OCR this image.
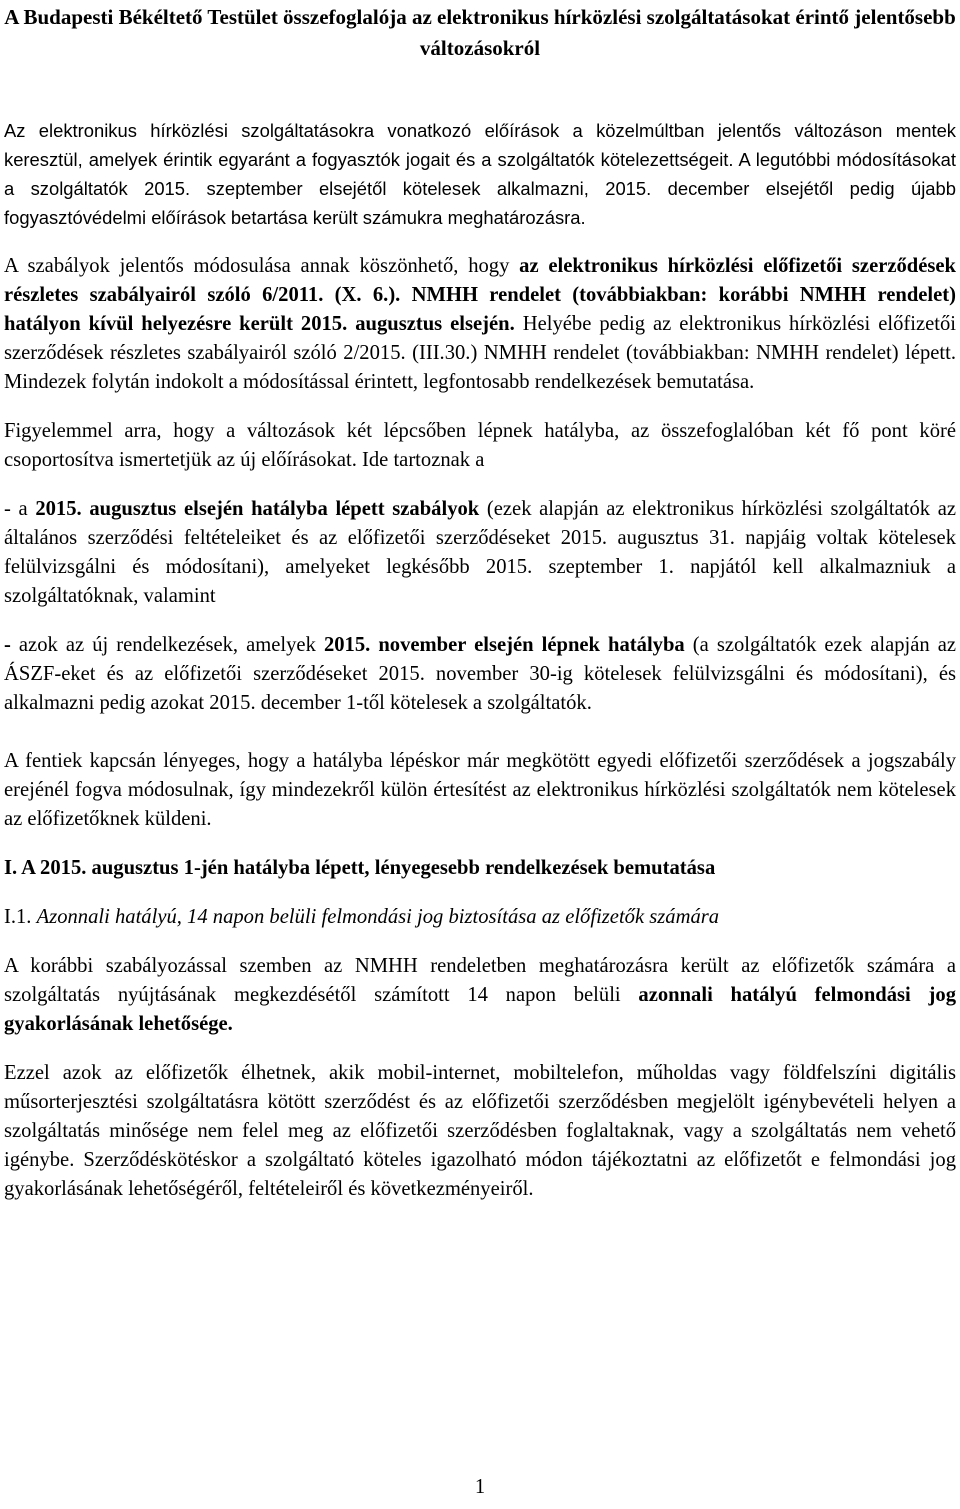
A Budapesti Békéltető Testület összefoglalója az elektronikus hírközlési szolgáltatásokat érintő jelentősebb változásokról

Az elektronikus hírközlési szolgáltatásokra vonatkozó előírások a közelmúltban jelentős változáson mentek keresztül, amelyek érintik egyaránt a fogyasztók jogait és a szolgáltatók kötelezettségeit. A legutóbbi módosításokat a szolgáltatók 2015. szeptember elsejétől kötelesek alkalmazni, 2015. december elsejétől pedig újabb fogyasztóvédelmi előírások betartása került számukra meghatározásra.

A szabályok jelentős módosulása annak köszönhető, hogy az elektronikus hírközlési előfizetői szerződések részletes szabályairól szóló 6/2011. (X. 6.). NMHH rendelet (továbbiakban: korábbi NMHH rendelet) hatályon kívül helyezésre került 2015. augusztus elsején. Helyébe pedig az elektronikus hírközlési előfizetői szerződések részletes szabályairól szóló 2/2015. (III.30.) NMHH rendelet (továbbiakban: NMHH rendelet) lépett. Mindezek folytán indokolt a módosítással érintett, legfontosabb rendelkezések bemutatása.

Figyelemmel arra, hogy a változások két lépcsőben lépnek hatályba, az összefoglalóban két fő pont köré csoportosítva ismertetjük az új előírásokat. Ide tartoznak a

- a 2015. augusztus elsején hatályba lépett szabályok (ezek alapján az elektronikus hírközlési szolgáltatók az általános szerződési feltételeiket és az előfizetői szerződéseket 2015. augusztus 31. napjáig voltak kötelesek felülvizsgálni és módosítani), amelyeket legkésőbb 2015. szeptember 1. napjától kell alkalmazniuk a szolgáltatóknak, valamint

- azok az új rendelkezések, amelyek 2015. november elsején lépnek hatályba (a szolgáltatók ezek alapján az ÁSZF-eket és az előfizetői szerződéseket 2015. november 30-ig kötelesek felülvizsgálni és módosítani), és alkalmazni pedig azokat 2015. december 1-től kötelesek a szolgáltatók.

A fentiek kapcsán lényeges, hogy a hatályba lépéskor már megkötött egyedi előfizetői szerződések a jogszabály erejénél fogva módosulnak, így mindezekről külön értesítést az elektronikus hírközlési szolgáltatók nem kötelesek az előfizetőknek küldeni.

I. A 2015. augusztus 1-jén hatályba lépett, lényegesebb rendelkezések bemutatása

I.1. Azonnali hatályú, 14 napon belüli felmondási jog biztosítása az előfizetők számára

A korábbi szabályozással szemben az NMHH rendeletben meghatározásra került az előfizetők számára a szolgáltatás nyújtásának megkezdésétől számított 14 napon belüli azonnali hatályú felmondási jog gyakorlásának lehetősége.

Ezzel azok az előfizetők élhetnek, akik mobil-internet, mobiltelefon, műholdas vagy földfelszíni digitális műsorterjesztési szolgáltatásra kötött szerződést és az előfizetői szerződésben megjelölt igénybevételi helyen a szolgáltatás minősége nem felel meg az előfizetői szerződésben foglaltaknak, vagy a szolgáltatás nem vehető igénybe. Szerződéskötéskor a szolgáltató köteles igazolható módon tájékoztatni az előfizetőt e felmondási jog gyakorlásának lehetőségéről, feltételeiről és következményeiről.

1
